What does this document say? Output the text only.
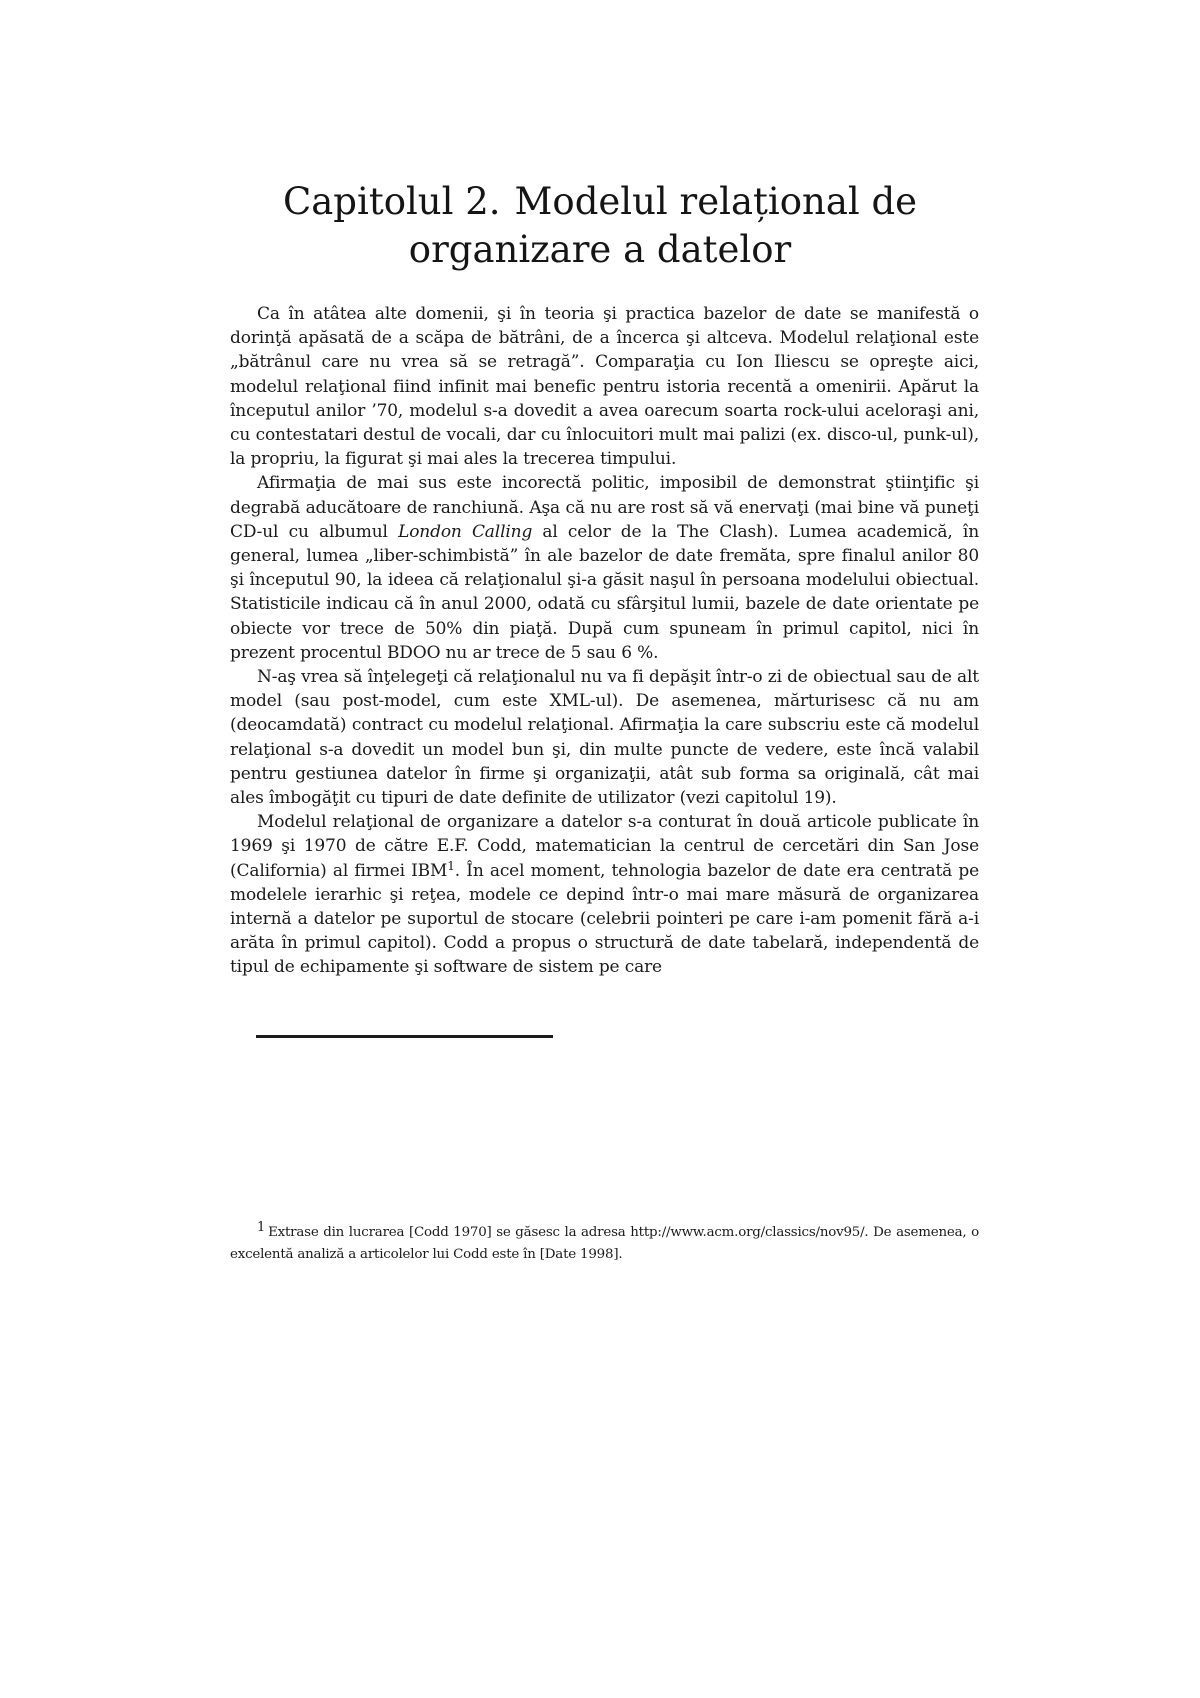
Capitolul 2. Modelul relațional de
organizare a datelor

Ca în atâtea alte domenii, şi în teoria şi practica bazelor de date se manifestă o dorinţă apăsată de a scăpa de bătrâni, de a încerca şi altceva. Modelul relaţional este „bătrânul care nu vrea să se retragă”. Comparaţia cu Ion Iliescu se opreşte aici, modelul relaţional fiind infinit mai benefic pentru istoria recentă a omenirii. Apărut la începutul anilor ’70, modelul s-a dovedit a avea oarecum soarta rock-ului aceloraşi ani, cu contestatari destul de vocali, dar cu înlocuitori mult mai palizi (ex. disco-ul, punk-ul), la propriu, la figurat şi mai ales la trecerea timpului.

Afirmaţia de mai sus este incorectă politic, imposibil de demonstrat ştiinţific şi degrabă aducătoare de ranchiună. Aşa că nu are rost să vă enervaţi (mai bine vă puneţi CD-ul cu albumul London Calling al celor de la The Clash). Lumea academică, în general, lumea „liber-schimbistă” în ale bazelor de date fremăta, spre finalul anilor 80 şi începutul 90, la ideea că relaţionalul şi-a găsit naşul în persoana modelului obiectual. Statisticile indicau că în anul 2000, odată cu sfârşitul lumii, bazele de date orientate pe obiecte vor trece de 50% din piaţă. După cum spuneam în primul capitol, nici în prezent procentul BDOO nu ar trece de 5 sau 6 %.

N-aş vrea să înţelegeţi că relaţionalul nu va fi depăşit într-o zi de obiectual sau de alt model (sau post-model, cum este XML-ul). De asemenea, mărturisesc că nu am (deocamdată) contract cu modelul relaţional. Afirmaţia la care subscriu este că modelul relaţional s-a dovedit un model bun şi, din multe puncte de vedere, este încă valabil pentru gestiunea datelor în firme şi organizaţii, atât sub forma sa originală, cât mai ales îmbogăţit cu tipuri de date definite de utilizator (vezi capitolul 19).

Modelul relaţional de organizare a datelor s-a conturat în două articole publicate în 1969 şi 1970 de către E.F. Codd, matematician la centrul de cercetări din San Jose (California) al firmei IBM$^1$. În acel moment, tehnologia bazelor de date era centrată pe modelele ierarhic şi reţea, modele ce depind într-o mai mare măsură de organizarea internă a datelor pe suportul de stocare (celebrii pointeri pe care i-am pomenit fără a-i arăta în primul capitol). Codd a propus o structură de date tabelară, independentă de tipul de echipamente şi software de sistem pe care

$^1$ Extrase din lucrarea [Codd 1970] se găsesc la adresa http://www.acm.org/classics/nov95/. De asemenea, o excelentă analiză a articolelor lui Codd este în [Date 1998].
